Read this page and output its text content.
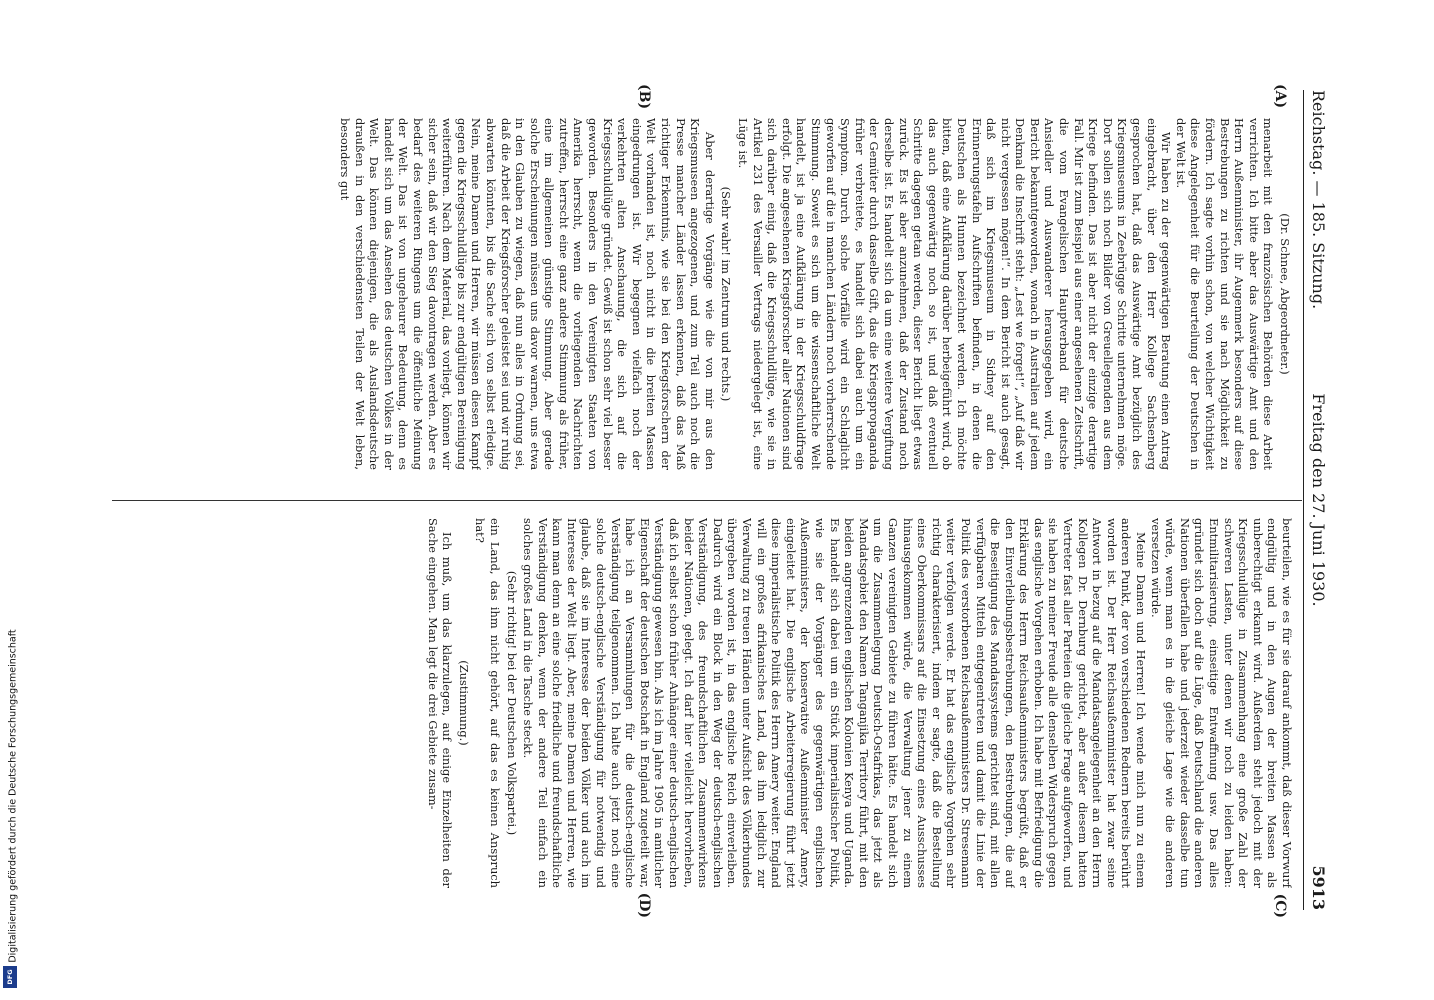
Reichstag. — 185. Sitzung.
Freitag den 27. Juni 1930.
5913
(A)
(B)
(C)
(D)

(Dr. Schnee, Abgeordneter.)

menarbeit mit den französischen Behörden diese Arbeit verrichten. Ich bitte aber das Auswärtige Amt und den Herrn Außenminister, ihr Augenmerk besonders auf diese Bestrebungen zu richten und sie nach Möglichkeit zu fördern. Ich sagte vorhin schon, von welcher Wichtigkeit diese Angelegenheit für die Beurteilung der Deutschen in der Welt ist.

Wir haben zu der gegenwärtigen Beratung einen Antrag eingebracht, über den Herr Kollege Sachsenberg gesprochen hat, daß das Auswärtige Amt bezüglich des Kriegsmuseums in Zeebrügge Schritte unternehmen möge. Dort sollen sich noch Bilder von Greuellegenden aus dem Kriege befinden. Das ist aber nicht der einzige derartige Fall. Mir ist zum Beispiel aus einer angesehenen Zeitschrift, die vom Evangelischen Hauptverband für deutsche Ansiedler und Auswanderer herausgegeben wird, ein Bericht bekanntgeworden, wonach in Australien auf jedem Denkmal die Inschrift steht: „Lest we forget!“, „Auf daß wir nicht vergessen mögen!“. In dem Bericht ist auch gesagt, daß sich im Kriegsmuseum in Sidney auf den Erinnerungstafeln Aufschriften befinden, in denen die Deutschen als Hunnen bezeichnet werden. Ich möchte bitten, daß eine Aufklärung darüber herbeigeführt wird, ob das auch gegenwärtig noch so ist, und daß eventuell Schritte dagegen getan werden, dieser Bericht liegt etwas zurück. Es ist aber anzunehmen, daß der Zustand noch derselbe ist. Es handelt sich da um eine weitere Vergiftung der Gemüter durch dasselbe Gift, das die Kriegspropaganda früher verbreitete, es handelt sich dabei auch um ein Symptom. Durch solche Vorfälle wird ein Schlaglicht geworfen auf die in manchen Ländern noch vorherrschende Stimmung. Soweit es sich um die wissenschaftliche Welt handelt, ist ja eine Aufklärung in der Kriegsschuldfrage erfolgt. Die angesehenen Kriegsforscher aller Nationen sind sich darüber einig, daß die Kriegsschuldlüge, wie sie in Artikel 231 des Versailler Vertrags niedergelegt ist, eine Lüge ist.

(Sehr wahr! im Zentrum und rechts.)

Aber derartige Vorgänge wie die von mir aus den Kriegsmuseen angezogenen, und zum Teil auch noch die Presse mancher Länder lassen erkennen, daß das Maß richtiger Erkenntnis, wie sie bei den Kriegsforschern der Welt vorhanden ist, noch nicht in die breiten Massen eingedrungen ist. Wir begegnen vielfach noch der verkehrten alten Anschauung, die sich auf die Kriegsschuldlüge gründet. Gewiß ist schon sehr viel besser geworden. Besonders in den Vereinigten Staaten von Amerika herrscht, wenn die vorliegenden Nachrichten zutreffen, herrscht eine ganz andere Stimmung als früher, eine im allgemeinen günstige Stimmung. Aber gerade solche Erscheinungen müssen uns davor warnen, uns etwa in den Glauben zu wiegen, daß nun alles in Ordnung sei, daß die Arbeit der Kriegsforscher geleistet sei und wir ruhig abwarten könnten, bis die Sache sich von selbst erledige. Nein, meine Damen und Herren, wir müssen diesen Kampf gegen die Kriegsschuldlüge bis zur endgültigen Bereinigung weiterführen. Nach dem Material, das vorliegt, können wir sicher sein, daß wir den Sieg davontragen werden. Aber es bedarf des weiteren Ringens um die öffentliche Meinung der Welt. Das ist von ungeheurer Bedeutung, denn es handelt sich um das Ansehen des deutschen Volkes in der Welt. Das können diejenigen, die als Auslandsdeutsche draußen in den verschiedensten Teilen der Welt leben, besonders gut

beurteilen, wie es für sie darauf ankommt, daß dieser Vorwurf endgültig und in den Augen der breiten Massen als unberechtigt erkannt wird. Außerdem steht jedoch mit der Kriegsschuldlüge in Zusammenhang eine große Zahl der schweren Lasten, unter denen wir noch zu leiden haben: Entmilitarisierung, einseitige Entwaffnung usw. Das alles gründet sich doch auf die Lüge, daß Deutschland die anderen Nationen überfallen habe und jederzeit wieder dasselbe tun würde, wenn man es in die gleiche Lage wie die anderen versetzen würde.

Meine Damen und Herren! Ich wende mich nun zu einem anderen Punkt, der von verschiedenen Rednern bereits berührt worden ist. Der Herr Reichsaußenminister hat zwar seine Antwort in bezug auf die Mandatsangelegenheit an den Herrn Kollegen Dr. Dernburg gerichtet, aber außer diesem hatten Vertreter fast aller Parteien die gleiche Frage aufgeworfen, und sie haben zu meiner Freude alle denselben Widerspruch gegen das englische Vorgehen erhoben. Ich habe mit Befriedigung die Erklärung des Herrn Reichsaußenministers begrüßt, daß er den Einverleibungsbestrebungen, den Bestrebungen, die auf die Beseitigung des Mandatssystems gerichtet sind, mit allen verfügbaren Mitteln entgegentreten und damit die Linie der Politik des verstorbenen Reichsaußenministers Dr. Stresemann weiter verfolgen werde. Er hat das englische Vorgehen sehr richtig charakterisiert, indem er sagte, daß die Bestellung eines Oberkommissars auf die Einsetzung eines Ausschusses hinausgekommen würde, die Verwaltung jener zu einem Ganzen vereinigten Gebiete zu führen hätte. Es handelt sich um die Zusammenlegung Deutsch-Ostafrikas, das jetzt als Mandatsgebiet den Namen Tanganjika Territory führt, mit den beiden angrenzenden englischen Kolonien Kenya und Uganda. Es handelt sich dabei um ein Stück imperialistischer Politik, wie sie der Vorgänger des gegenwärtigen englischen Außenministers, der konservative Außenminister Amery, eingeleitet hat. Die englische Arbeiterregierung führt jetzt diese imperialistische Politik des Herrn Amery weiter. England will ein großes afrikanisches Land, das ihm lediglich zur Verwaltung zu treuen Händen unter Aufsicht des Völkerbundes übergeben worden ist, in das englische Reich einverleiben. Dadurch wird ein Block in den Weg der deutsch-englischen Verständigung, des freundschaftlichen Zusammenwirkens beider Nationen, gelegt. Ich darf hier vielleicht hervorheben, daß ich selbst schon früher Anhänger einer deutsch-englischen Verständigung gewesen bin. Als ich im Jahre 1905 in amtlicher Eigenschaft der deutschen Botschaft in England zugeteilt war, habe ich an Versammlungen für die deutsch-englische Verständigung teilgenommen. Ich halte auch jetzt noch eine solche deutsch-englische Verständigung für notwendig und glaube, daß sie im Interesse der beiden Völker und auch im Interesse der Welt liegt. Aber, meine Damen und Herren, wie kann man denn an eine solche friedliche und freundschaftliche Verständigung denken, wenn der andere Teil einfach ein solches großes Land in die Tasche steckt.

(Sehr richtig! bei der Deutschen Volkspartei.)

ein Land, das ihm nicht gehört, auf das es keinen Anspruch hat?

(Zustimmung.)

Ich muß, um das klarzulegen, auf einige Einzelheiten der Sache eingehen. Man legt die drei Gebiete zusam-

Digitalisierung gefördert durch die Deutsche Forschungsgemeinschaft
DFG
